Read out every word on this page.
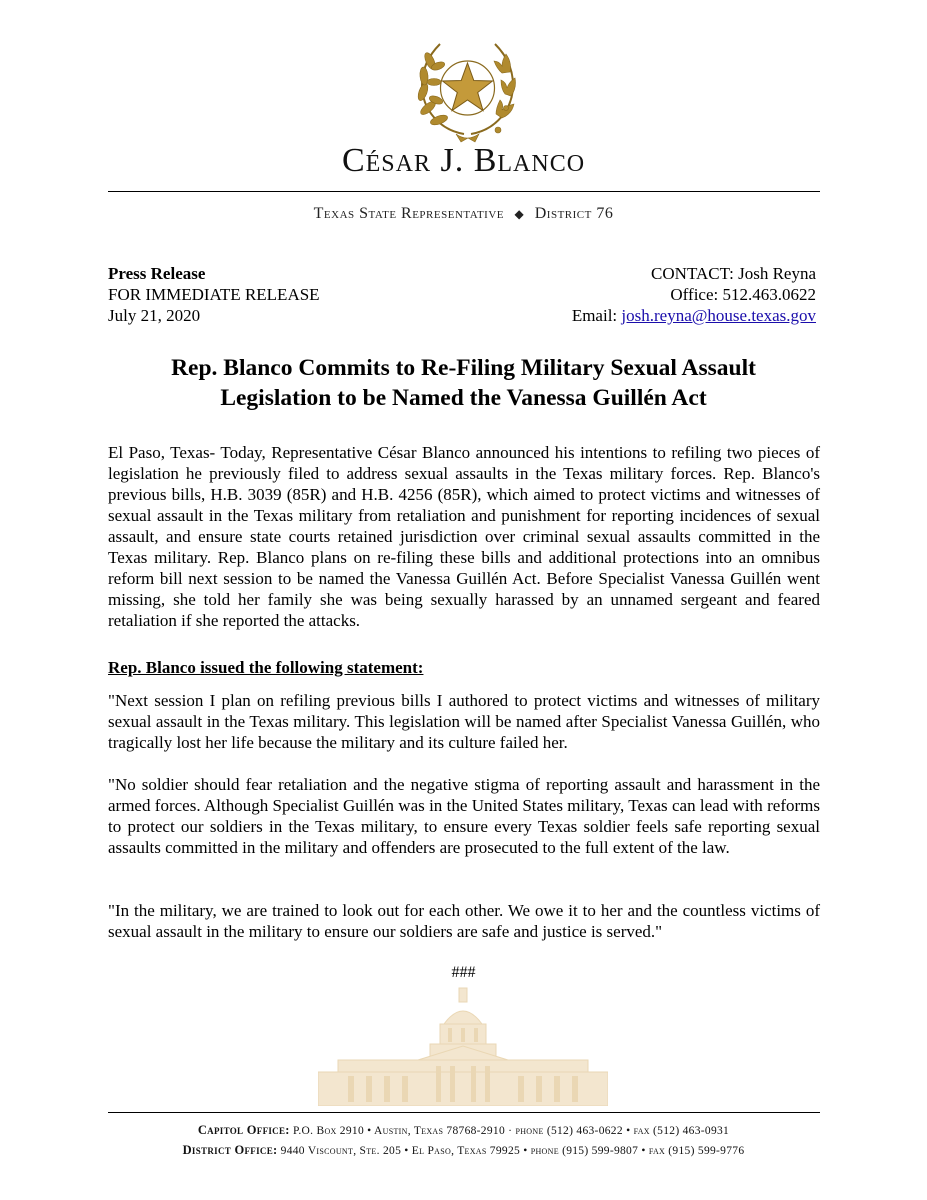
César J. Blanco
Texas State Representative ◆ District 76
Press Release
FOR IMMEDIATE RELEASE
July 21, 2020
CONTACT: Josh Reyna
Office: 512.463.0622
Email: josh.reyna@house.texas.gov
Rep. Blanco Commits to Re-Filing Military Sexual Assault
Legislation to be Named the Vanessa Guillén Act
El Paso, Texas- Today, Representative César Blanco announced his intentions to refiling two pieces of legislation he previously filed to address sexual assaults in the Texas military forces. Rep. Blanco's previous bills, H.B. 3039 (85R) and H.B. 4256 (85R), which aimed to protect victims and witnesses of sexual assault in the Texas military from retaliation and punishment for reporting incidences of sexual assault, and ensure state courts retained jurisdiction over criminal sexual assaults committed in the Texas military. Rep. Blanco plans on re-filing these bills and additional protections into an omnibus reform bill next session to be named the Vanessa Guillén Act. Before Specialist Vanessa Guillén went missing, she told her family she was being sexually harassed by an unnamed sergeant and feared retaliation if she reported the attacks.
Rep. Blanco issued the following statement:
"Next session I plan on refiling previous bills I authored to protect victims and witnesses of military sexual assault in the Texas military. This legislation will be named after Specialist Vanessa Guillén, who tragically lost her life because the military and its culture failed her.
"No soldier should fear retaliation and the negative stigma of reporting assault and harassment in the armed forces. Although Specialist Guillén was in the United States military, Texas can lead with reforms to protect our soldiers in the Texas military, to ensure every Texas soldier feels safe reporting sexual assaults committed in the military and offenders are prosecuted to the full extent of the law.
"In the military, we are trained to look out for each other. We owe it to her and the countless victims of sexual assault in the military to ensure our soldiers are safe and justice is served."
###
Capitol Office: P.O. Box 2910 • Austin, Texas 78768-2910 · phone (512) 463-0622 • fax (512) 463-0931
District Office: 9440 Viscount, Ste. 205 • El Paso, Texas 79925 • phone (915) 599-9807 • fax (915) 599-9776
